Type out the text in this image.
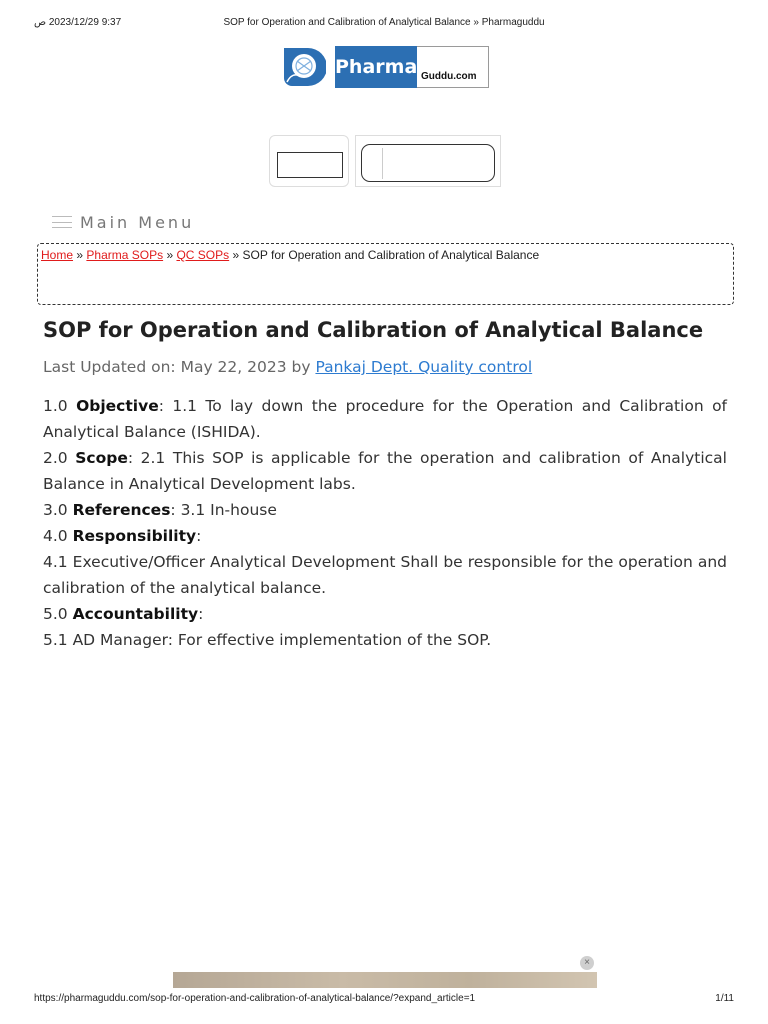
9:37 2023/12/29 ص	SOP for Operation and Calibration of Analytical Balance » Pharmaguddu
Pharma Guddu.com
Main Menu
Home » Pharma SOPs » QC SOPs » SOP for Operation and Calibration of Analytical Balance
SOP for Operation and Calibration of Analytical Balance
Last Updated on: May 22, 2023 by Pankaj Dept. Quality control

1.0 Objective: 1.1 To lay down the procedure for the Operation and Calibration of Analytical Balance (ISHIDA).

2.0 Scope: 2.1 This SOP is applicable for the operation and calibration of Analytical Balance in Analytical Development labs.

3.0 References: 3.1 In-house

4.0 Responsibility:

4.1 Executive/Officer Analytical Development Shall be responsible for the operation and calibration of the analytical balance.

5.0 Accountability:

5.1 AD Manager: For effective implementation of the SOP.

×
https://pharmaguddu.com/sop-for-operation-and-calibration-of-analytical-balance/?expand_article=1	1/11
